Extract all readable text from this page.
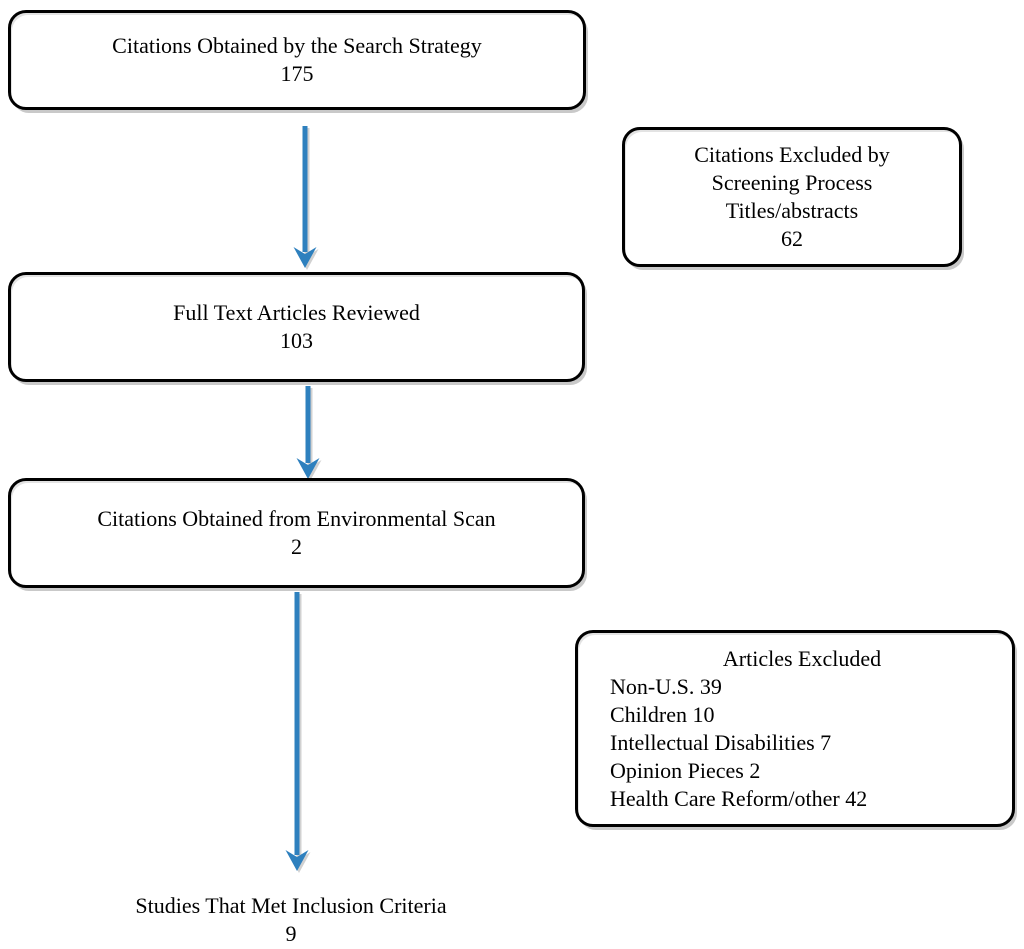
Citations Obtained by the Search Strategy
175
Citations Excluded by
Screening Process
Titles/abstracts
62
Full Text Articles Reviewed
103
Citations Obtained from Environmental Scan
2
Articles Excluded
Non-U.S. 39
Children 10
Intellectual Disabilities 7
Opinion Pieces 2
Health Care Reform/other 42
Studies That Met Inclusion Criteria
9
